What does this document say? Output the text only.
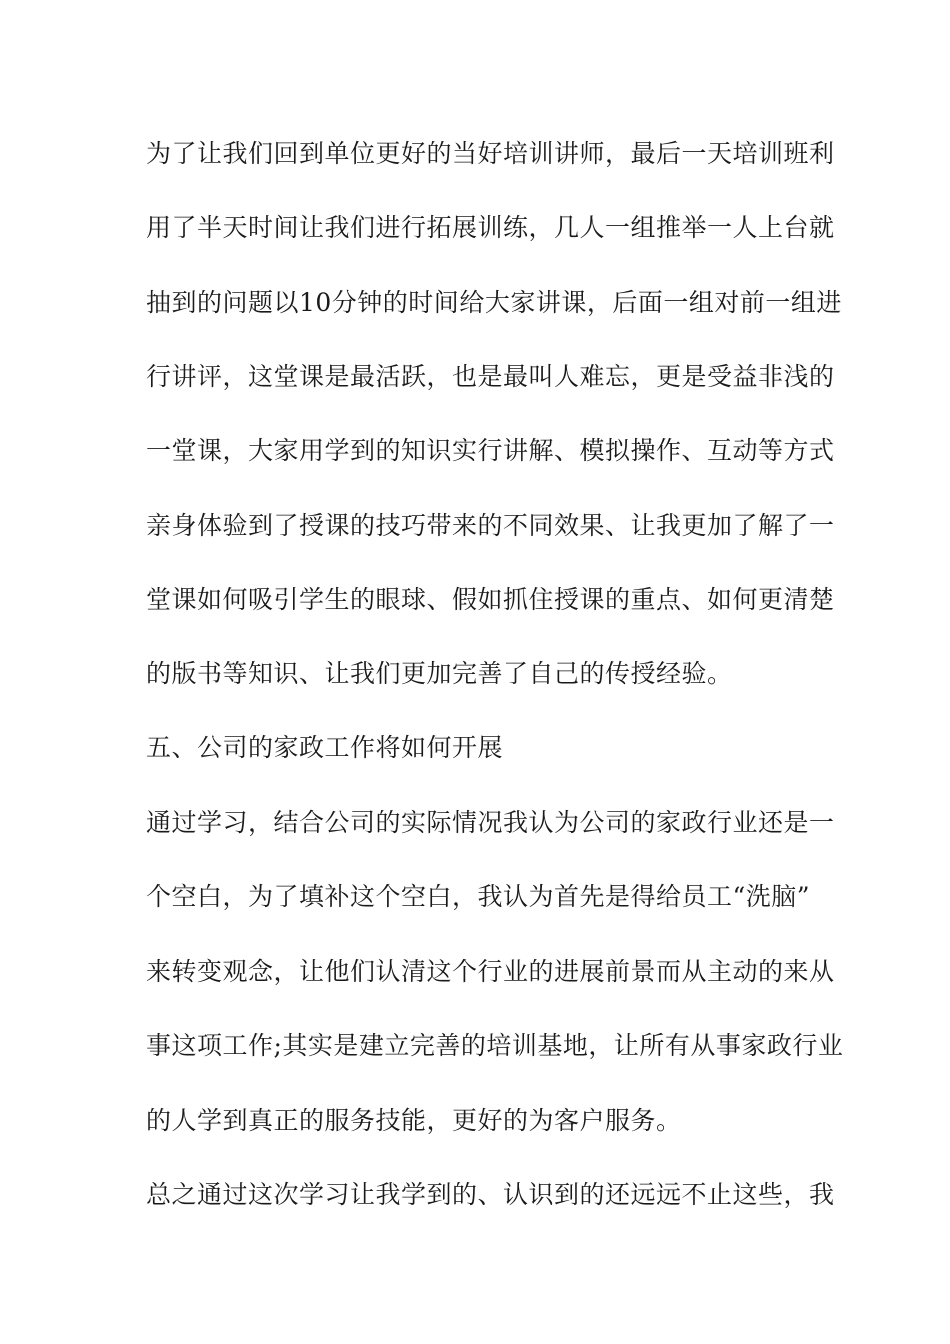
为了让我们回到单位更好的当好培训讲师，最后一天培训班利
用了半天时间让我们进行拓展训练，几人一组推举一人上台就
抽到的问题以10分钟的时间给大家讲课，后面一组对前一组进
行讲评，这堂课是最活跃，也是最叫人难忘，更是受益非浅的
一堂课，大家用学到的知识实行讲解、模拟操作、互动等方式
亲身体验到了授课的技巧带来的不同效果、让我更加了解了一
堂课如何吸引学生的眼球、假如抓住授课的重点、如何更清楚
的版书等知识、让我们更加完善了自己的传授经验。
五、公司的家政工作将如何开展
通过学习，结合公司的实际情况我认为公司的家政行业还是一
个空白，为了填补这个空白，我认为首先是得给员工“洗脑”
来转变观念，让他们认清这个行业的进展前景而从主动的来从
事这项工作;其实是建立完善的培训基地，让所有从事家政行业
的人学到真正的服务技能，更好的为客户服务。
总之通过这次学习让我学到的、认识到的还远远不止这些，我
